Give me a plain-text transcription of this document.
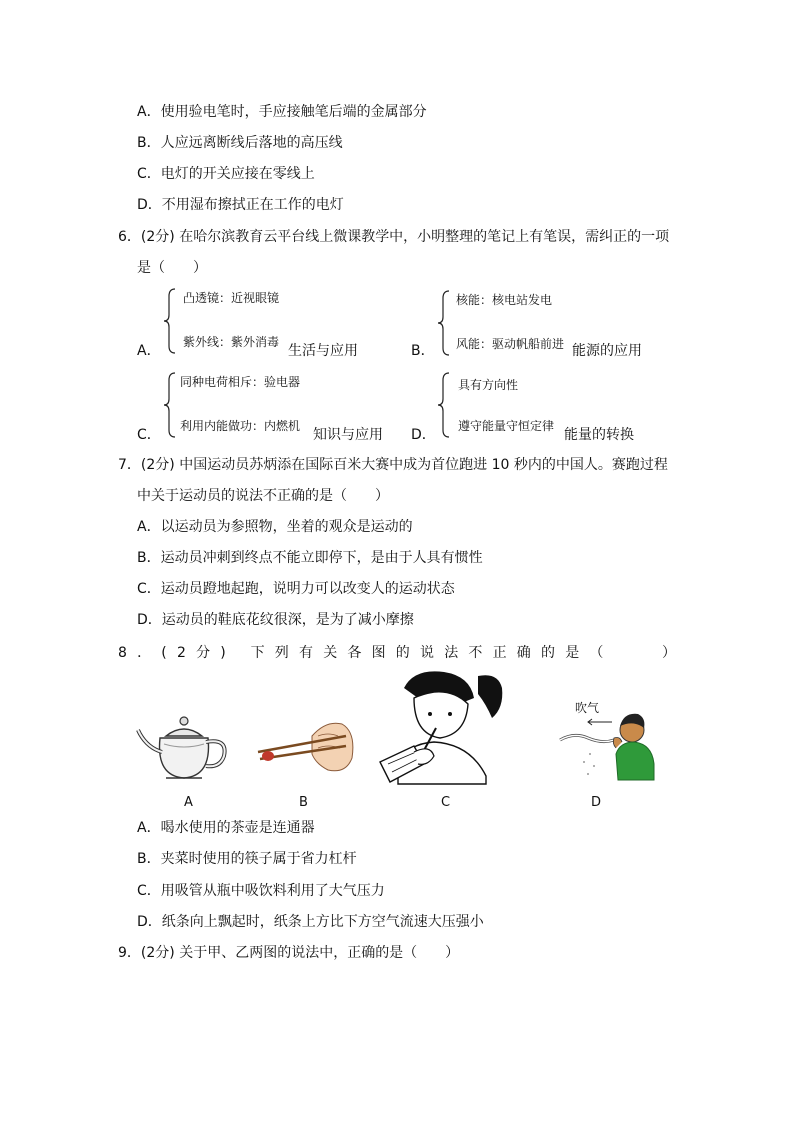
A．使用验电笔时，手应接触笔后端的金属部分
B．人应远离断线后落地的高压线
C．电灯的开关应接在零线上
D．不用湿布擦拭正在工作的电灯
6．(2分) 在哈尔滨教育云平台线上微课教学中，小明整理的笔记上有笔误，需纠正的一项
是（　　）
A．
凸透镜：近视眼镜
紫外线：紫外消毒
生活与应用	B．
核能：核电站发电
风能：驱动帆船前进 能源的应用
C．
同种电荷相斥：验电器
利用内能做功：内燃机
知识与应用 D．
具有方向性
遵守能量守恒定律
能量的转换
7．(2分) 中国运动员苏炳添在国际百米大赛中成为首位跑进 10 秒内的中国人。赛跑过程
中关于运动员的说法不正确的是（　　）
A．以运动员为参照物，坐着的观众是运动的
B．运动员冲刺到终点不能立即停下，是由于人具有惯性
C．运动员蹬地起跑，说明力可以改变人的运动状态
D．运动员的鞋底花纹很深，是为了减小摩擦
8．(2分) 下列有关各图的说法不正确的是（　　）
吹气
A	B	C	D
A．喝水使用的茶壶是连通器
B．夹菜时使用的筷子属于省力杠杆
C．用吸管从瓶中吸饮料利用了大气压力
D．纸条向上飘起时，纸条上方比下方空气流速大压强小
9．(2分) 关于甲、乙两图的说法中，正确的是（　　）
